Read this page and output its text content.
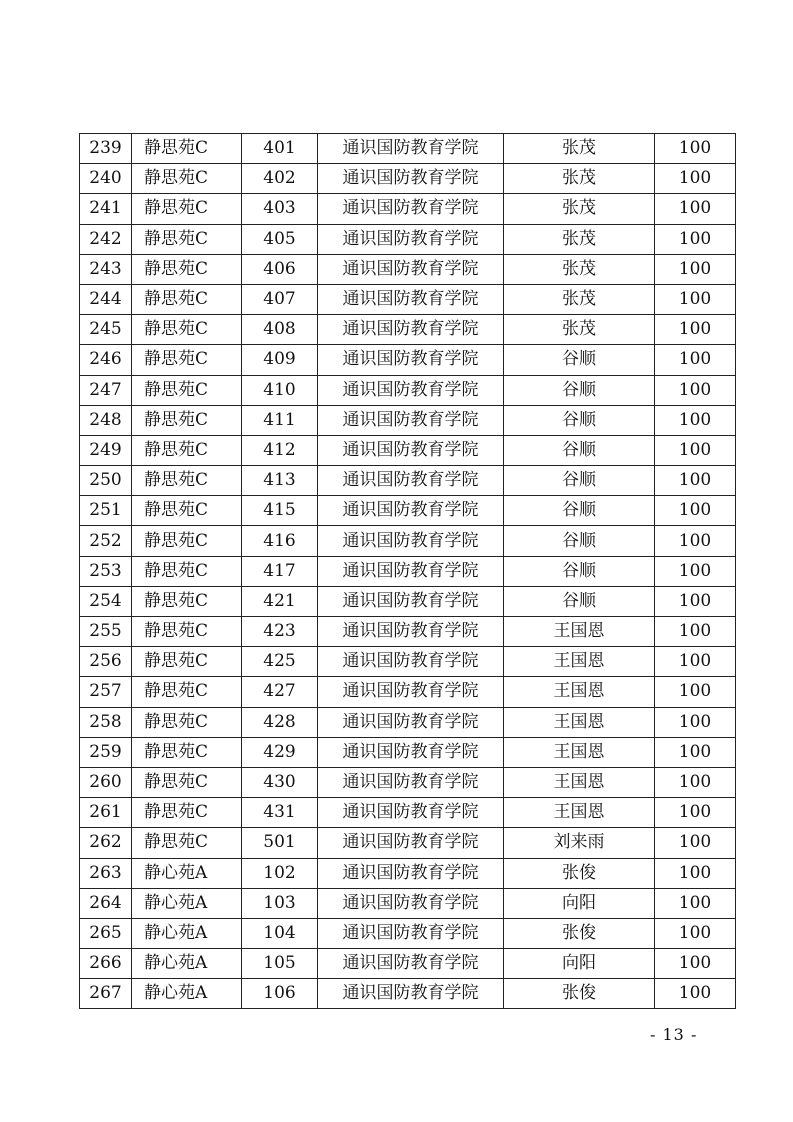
239	静思苑C	401	通识国防教育学院	张茂	100
240	静思苑C	402	通识国防教育学院	张茂	100
241	静思苑C	403	通识国防教育学院	张茂	100
242	静思苑C	405	通识国防教育学院	张茂	100
243	静思苑C	406	通识国防教育学院	张茂	100
244	静思苑C	407	通识国防教育学院	张茂	100
245	静思苑C	408	通识国防教育学院	张茂	100
246	静思苑C	409	通识国防教育学院	谷顺	100
247	静思苑C	410	通识国防教育学院	谷顺	100
248	静思苑C	411	通识国防教育学院	谷顺	100
249	静思苑C	412	通识国防教育学院	谷顺	100
250	静思苑C	413	通识国防教育学院	谷顺	100
251	静思苑C	415	通识国防教育学院	谷顺	100
252	静思苑C	416	通识国防教育学院	谷顺	100
253	静思苑C	417	通识国防教育学院	谷顺	100
254	静思苑C	421	通识国防教育学院	谷顺	100
255	静思苑C	423	通识国防教育学院	王国恩	100
256	静思苑C	425	通识国防教育学院	王国恩	100
257	静思苑C	427	通识国防教育学院	王国恩	100
258	静思苑C	428	通识国防教育学院	王国恩	100
259	静思苑C	429	通识国防教育学院	王国恩	100
260	静思苑C	430	通识国防教育学院	王国恩	100
261	静思苑C	431	通识国防教育学院	王国恩	100
262	静思苑C	501	通识国防教育学院	刘来雨	100
263	静心苑A	102	通识国防教育学院	张俊	100
264	静心苑A	103	通识国防教育学院	向阳	100
265	静心苑A	104	通识国防教育学院	张俊	100
266	静心苑A	105	通识国防教育学院	向阳	100
267	静心苑A	106	通识国防教育学院	张俊	100
- 13 -
